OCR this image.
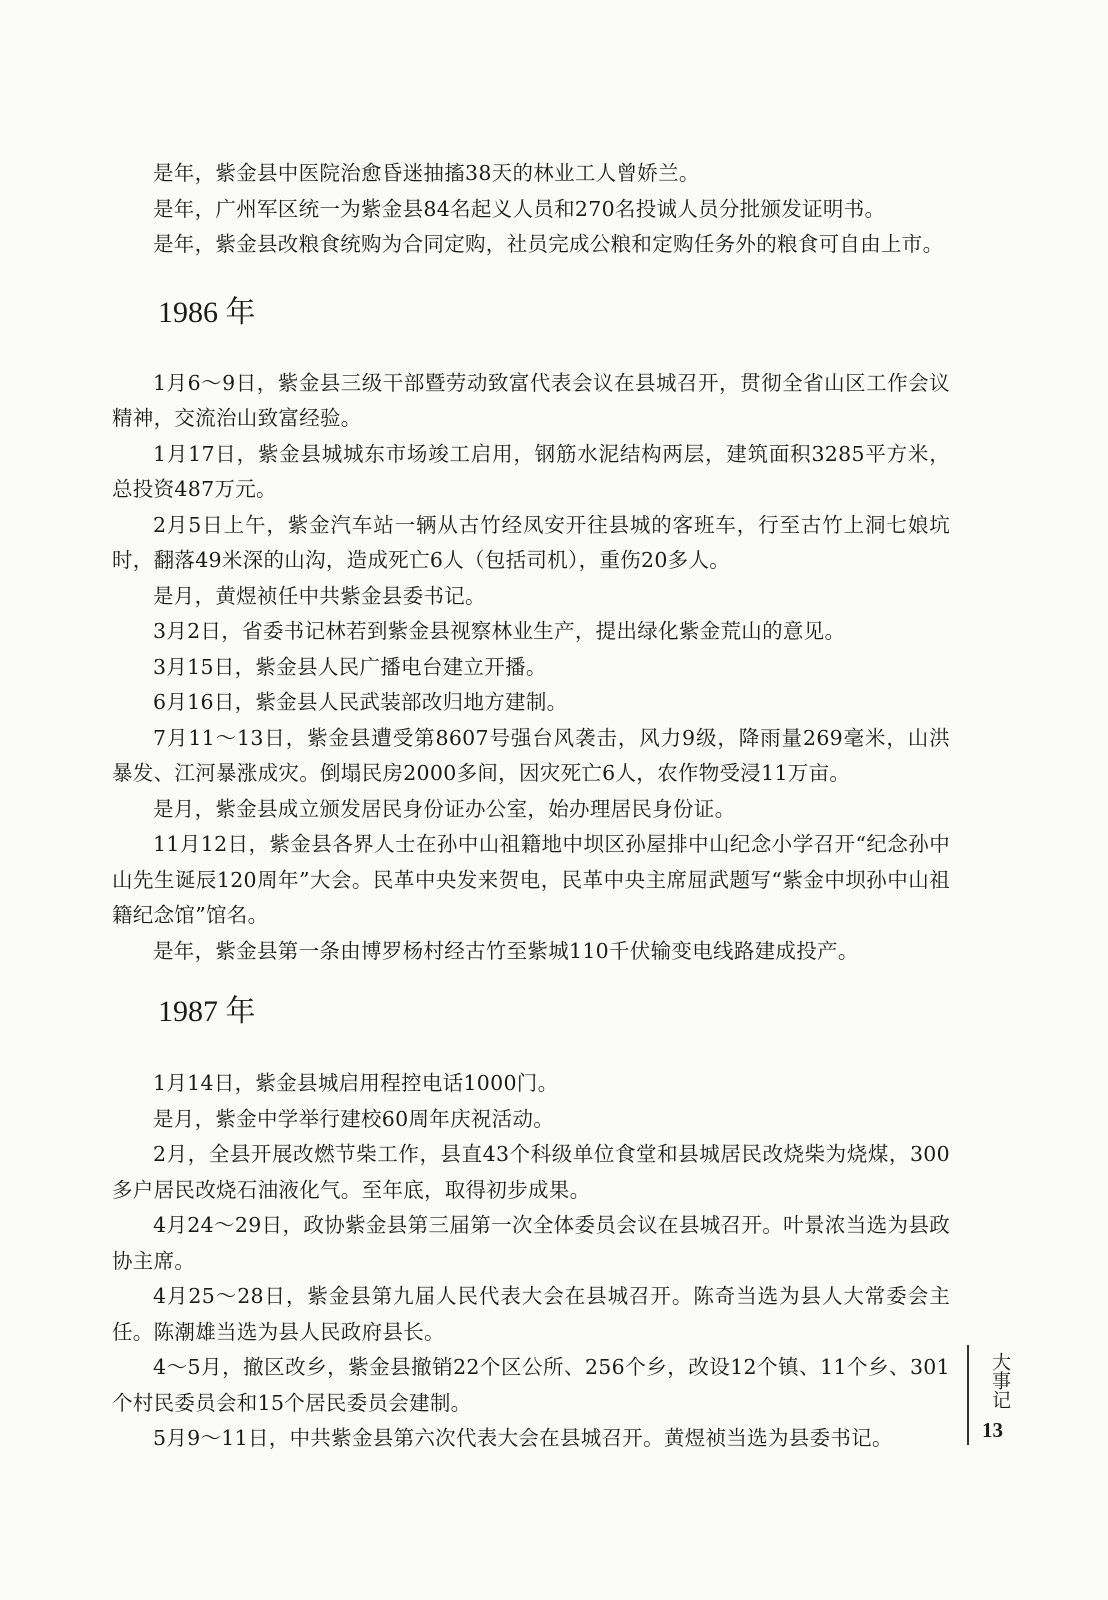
是年，紫金县中医院治愈昏迷抽搐38天的林业工人曾娇兰。

是年，广州军区统一为紫金县84名起义人员和270名投诚人员分批颁发证明书。

是年，紫金县改粮食统购为合同定购，社员完成公粮和定购任务外的粮食可自由上市。

1986 年

1月6～9日，紫金县三级干部暨劳动致富代表会议在县城召开，贯彻全省山区工作会议精神，交流治山致富经验。

1月17日，紫金县城城东市场竣工启用，钢筋水泥结构两层，建筑面积3285平方米，总投资487万元。

2月5日上午，紫金汽车站一辆从古竹经凤安开往县城的客班车，行至古竹上洞七娘坑时，翻落49米深的山沟，造成死亡6人（包括司机），重伤20多人。

是月，黄煜祯任中共紫金县委书记。

3月2日，省委书记林若到紫金县视察林业生产，提出绿化紫金荒山的意见。

3月15日，紫金县人民广播电台建立开播。

6月16日，紫金县人民武装部改归地方建制。

7月11～13日，紫金县遭受第8607号强台风袭击，风力9级，降雨量269毫米，山洪暴发、江河暴涨成灾。倒塌民房2000多间，因灾死亡6人，农作物受浸11万亩。

是月，紫金县成立颁发居民身份证办公室，始办理居民身份证。

11月12日，紫金县各界人士在孙中山祖籍地中坝区孙屋排中山纪念小学召开“纪念孙中山先生诞辰120周年”大会。民革中央发来贺电，民革中央主席屈武题写“紫金中坝孙中山祖籍纪念馆”馆名。

是年，紫金县第一条由博罗杨村经古竹至紫城110千伏输变电线路建成投产。

1987 年

1月14日，紫金县城启用程控电话1000门。

是月，紫金中学举行建校60周年庆祝活动。

2月，全县开展改燃节柴工作，县直43个科级单位食堂和县城居民改烧柴为烧煤，300多户居民改烧石油液化气。至年底，取得初步成果。

4月24～29日，政协紫金县第三届第一次全体委员会议在县城召开。叶景浓当选为县政协主席。

4月25～28日，紫金县第九届人民代表大会在县城召开。陈奇当选为县人大常委会主任。陈潮雄当选为县人民政府县长。

4～5月，撤区改乡，紫金县撤销22个区公所、256个乡，改设12个镇、11个乡、301个村民委员会和15个居民委员会建制。

5月9～11日，中共紫金县第六次代表大会在县城召开。黄煜祯当选为县委书记。

大事记
13
